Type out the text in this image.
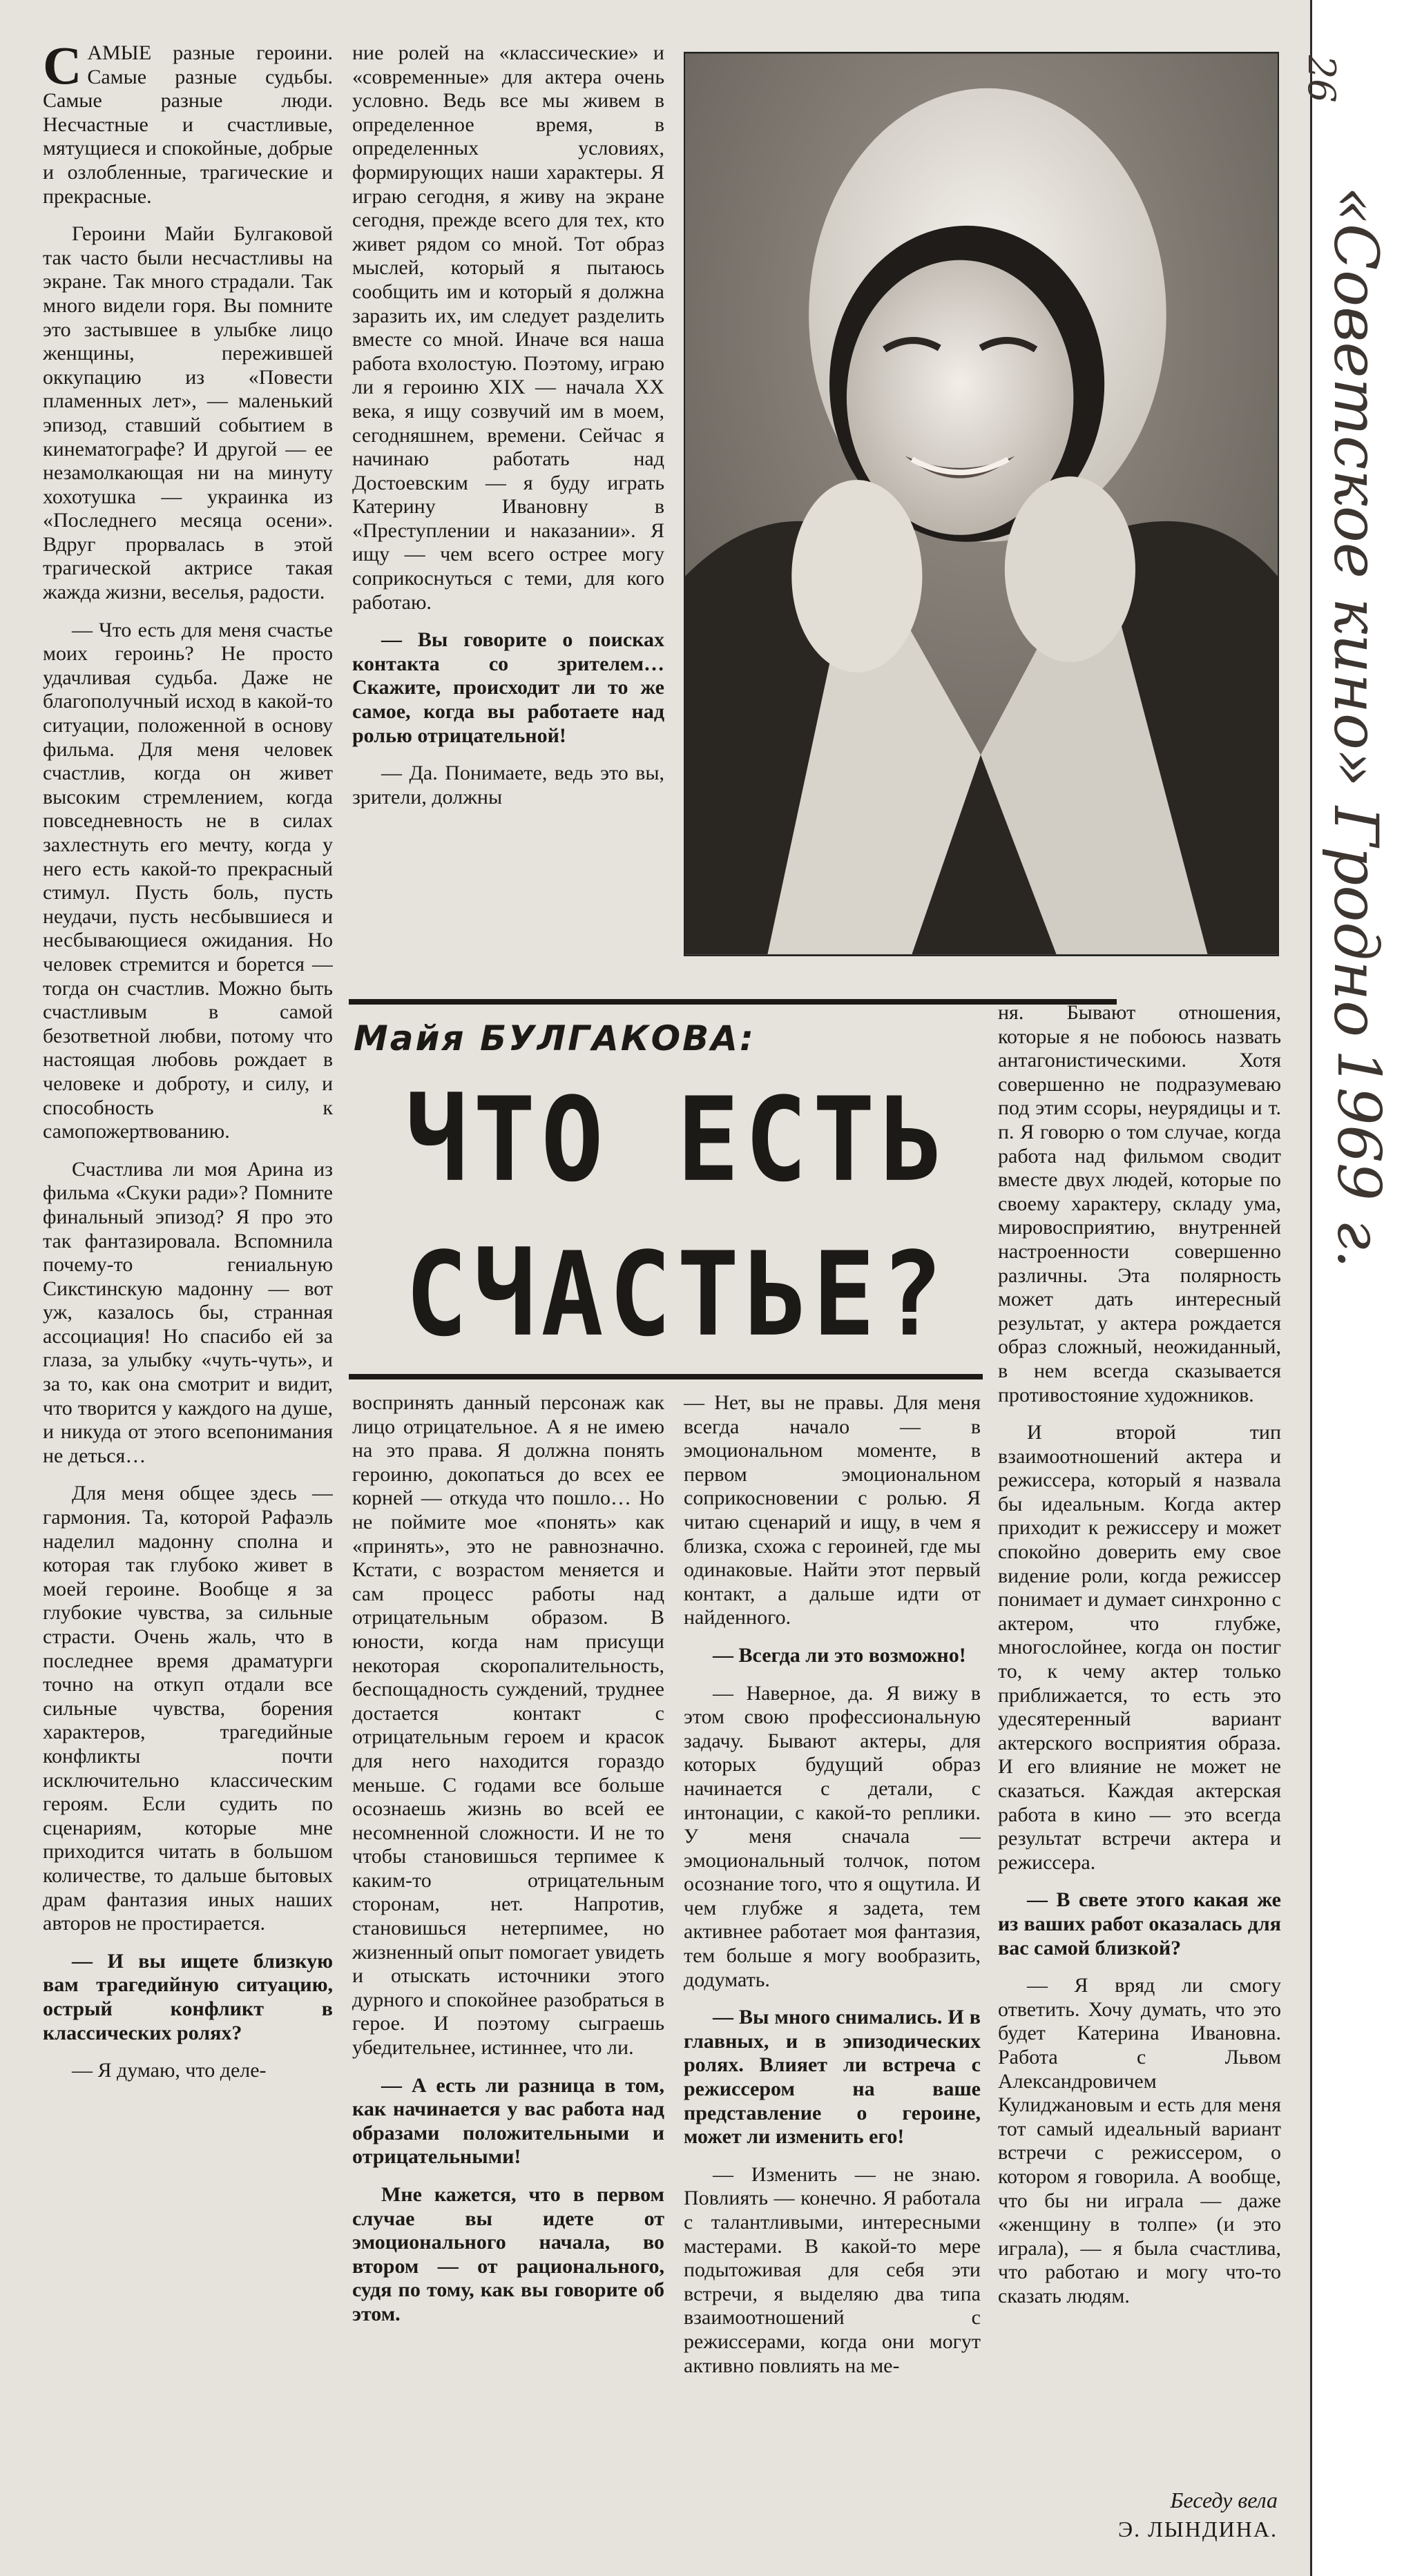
САМЫЕ разные героини. Самые разные судьбы. Самые разные люди. Несчастные и счастливые, мятущиеся и спокойные, добрые и озлобленные, трагические и прекрасные.

Героини Майи Булгаковой так часто были несчастливы на экране. Так много страдали. Так много видели горя. Вы помните это застывшее в улыбке лицо женщины, пережившей оккупацию из «Повести пламенных лет», — маленький эпизод, ставший событием в кинематографе? И другой — ее незамолкающая ни на минуту хохотушка — украинка из «Последнего месяца осени». Вдруг прорвалась в этой трагической актрисе такая жажда жизни, веселья, радости.

— Что есть для меня счастье моих героинь? Не просто удачливая судьба. Даже не благополучный исход в какой-то ситуации, положенной в основу фильма. Для меня человек счастлив, когда он живет высоким стремлением, когда повседневность не в силах захлестнуть его мечту, когда у него есть какой-то прекрасный стимул. Пусть боль, пусть неудачи, пусть несбывшиеся и несбывающиеся ожидания. Но человек стремится и борется — тогда он счастлив. Можно быть счастливым в самой безответной любви, потому что настоящая любовь рождает в человеке и доброту, и силу, и способность к самопожертвованию.

Счастлива ли моя Арина из фильма «Скуки ради»? Помните финальный эпизод? Я про это так фантазировала. Вспомнила почему-то гениальную Сикстинскую мадонну — вот уж, казалось бы, странная ассоциация! Но спасибо ей за глаза, за улыбку «чуть-чуть», и за то, как она смотрит и видит, что творится у каждого на душе, и никуда от этого всепонимания не деться…

Для меня общее здесь — гармония. Та, которой Рафаэль наделил мадонну сполна и которая так глубоко живет в моей героине. Вообще я за глубокие чувства, за сильные страсти. Очень жаль, что в последнее время драматурги точно на откуп отдали все сильные чувства, борения характеров, трагедийные конфликты почти исключительно классическим героям. Если судить по сценариям, которые мне приходится читать в большом количестве, то дальше бытовых драм фантазия иных наших авторов не простирается.

— И вы ищете близкую вам трагедийную ситуацию, острый конфликт в классических ролях?

— Я думаю, что деле-

ние ролей на «классические» и «современные» для актера очень условно. Ведь все мы живем в определенное время, в определенных условиях, формирующих наши характеры. Я играю сегодня, я живу на экране сегодня, прежде всего для тех, кто живет рядом со мной. Тот образ мыслей, который я пытаюсь сообщить им и который я должна заразить их, им следует разделить вместе со мной. Иначе вся наша работа вхолостую. Поэтому, играю ли я героиню XIX — начала XX века, я ищу созвучий им в моем, сегодняшнем, времени. Сейчас я начинаю работать над Достоевским — я буду играть Катерину Ивановну в «Преступлении и наказании». Я ищу — чем всего острее могу соприкоснуться с теми, для кого работаю.

— Вы говорите о поисках контакта со зрителем… Скажите, происходит ли то же самое, когда вы работаете над ролью отрицательной!

— Да. Понимаете, ведь это вы, зрители, должны

Майя БУЛГАКОВА:
ЧТО ЕСТЬ СЧАСТЬЕ?

воспринять данный персонаж как лицо отрицательное. А я не имею на это права. Я должна понять героиню, докопаться до всех ее корней — откуда что пошло… Но не поймите мое «понять» как «принять», это не равнозначно. Кстати, с возрастом меняется и сам процесс работы над отрицательным образом. В юности, когда нам присущи некоторая скоропалительность, беспощадность суждений, труднее достается контакт с отрицательным героем и красок для него находится гораздо меньше. С годами все больше осознаешь жизнь во всей ее несомненной сложности. И не то чтобы становишься терпимее к каким-то отрицательным сторонам, нет. Напротив, становишься нетерпимее, но жизненный опыт помогает увидеть и отыскать источники этого дурного и спокойнее разобраться в герое. И поэтому сыграешь убедительнее, истиннее, что ли.

— А есть ли разница в том, как начинается у вас работа над образами положительными и отрицательными!

Мне кажется, что в первом случае вы идете от эмоционального начала, во втором — от рационального, судя по тому, как вы говорите об этом.

— Нет, вы не правы. Для меня всегда начало — в эмоциональном моменте, в первом эмоциональном соприкосновении с ролью. Я читаю сценарий и ищу, в чем я близка, схожа с героиней, где мы одинаковые. Найти этот первый контакт, а дальше идти от найденного.

— Всегда ли это возможно!

— Наверное, да. Я вижу в этом свою профессиональную задачу. Бывают актеры, для которых будущий образ начинается с детали, с интонации, с какой-то реплики. У меня сначала — эмоциональный толчок, потом осознание того, что я ощутила. И чем глубже я задета, тем активнее работает моя фантазия, тем больше я могу вообразить, додумать.

— Вы много снимались. И в главных, и в эпизодических ролях. Влияет ли встреча с режиссером на ваше представление о героине, может ли изменить его!

— Изменить — не знаю. Повлиять — конечно. Я работала с талантливыми, интересными мастерами. В какой-то мере подытоживая для себя эти встречи, я выделяю два типа взаимоотношений с режиссерами, когда они могут активно повлиять на ме-

ня. Бывают отношения, которые я не побоюсь назвать антагонистическими. Хотя совершенно не подразумеваю под этим ссоры, неурядицы и т. п. Я говорю о том случае, когда работа над фильмом сводит вместе двух людей, которые по своему характеру, складу ума, мировосприятию, внутренней настроенности совершенно различны. Эта полярность может дать интересный результат, у актера рождается образ сложный, неожиданный, в нем всегда сказывается противостояние художников.

И второй тип взаимоотношений актера и режиссера, который я назвала бы идеальным. Когда актер приходит к режиссеру и может спокойно доверить ему свое видение роли, когда режиссер понимает и думает синхронно с актером, что глубже, многослойнее, когда он постиг то, к чему актер только приближается, то есть это удесятеренный вариант актерского восприятия образа. И его влияние не может не сказаться. Каждая актерская работа в кино — это всегда результат встречи актера и режиссера.

— В свете этого какая же из ваших работ оказалась для вас самой близкой?

— Я вряд ли смогу ответить. Хочу думать, что это будет Катерина Ивановна. Работа с Львом Александровичем Кулиджановым и есть для меня тот самый идеальный вариант встречи с режиссером, о котором я говорила. А вообще, что бы ни играла — даже «женщину в толпе» (и это играла), — я была счастлива, что работаю и могу что-то сказать людям.

Беседу вела
Э. ЛЫНДИНА.
26
«Советское кино» Гродно
1969 г.
